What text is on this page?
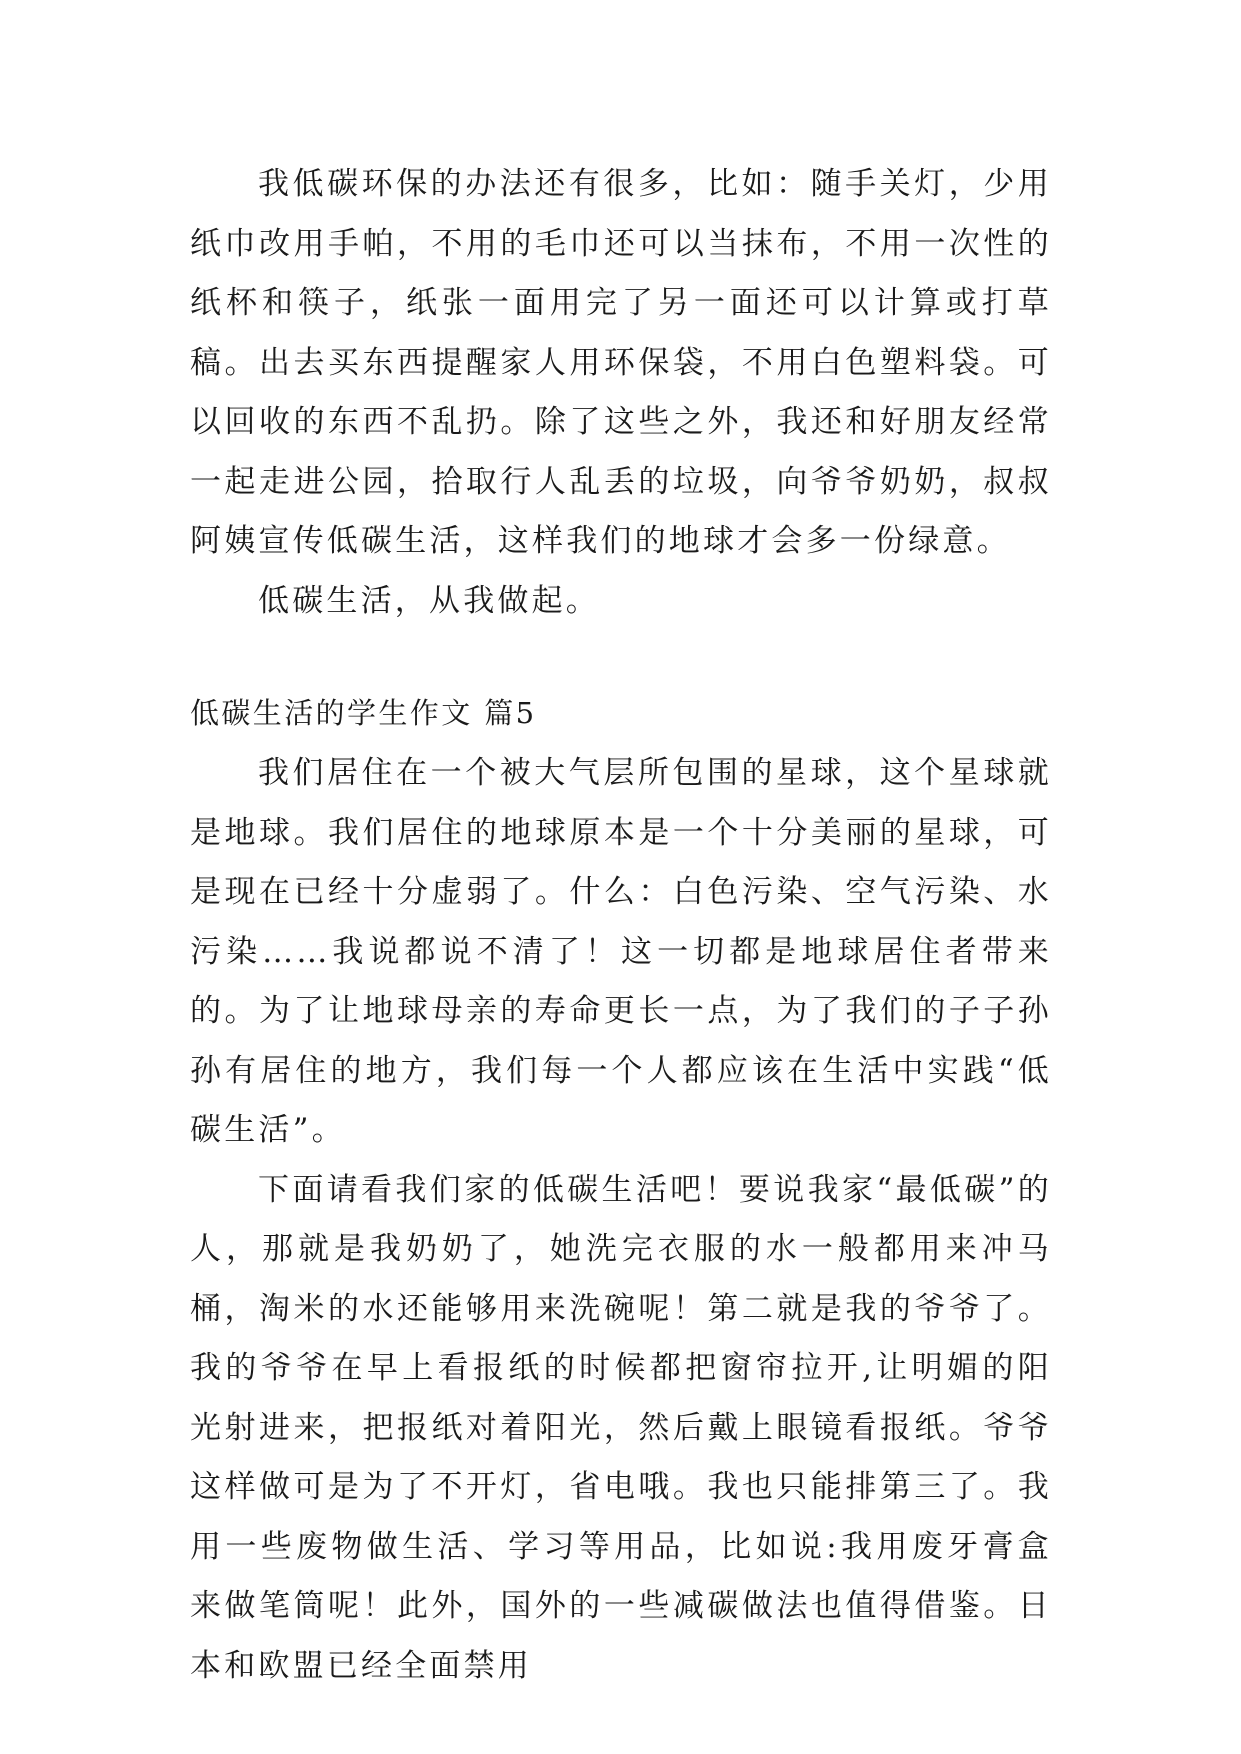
我低碳环保的办法还有很多，比如：随手关灯，少用纸巾改用手帕，不用的毛巾还可以当抹布，不用一次性的纸杯和筷子，纸张一面用完了另一面还可以计算或打草稿。出去买东西提醒家人用环保袋，不用白色塑料袋。可以回收的东西不乱扔。除了这些之外，我还和好朋友经常一起走进公园，拾取行人乱丢的垃圾，向爷爷奶奶，叔叔阿姨宣传低碳生活，这样我们的地球才会多一份绿意。

低碳生活，从我做起。

低碳生活的学生作文 篇5

我们居住在一个被大气层所包围的星球，这个星球就是地球。我们居住的地球原本是一个十分美丽的星球，可是现在已经十分虚弱了。什么：白色污染、空气污染、水污染……我说都说不清了！这一切都是地球居住者带来的。为了让地球母亲的寿命更长一点，为了我们的子子孙孙有居住的地方，我们每一个人都应该在生活中实践“低碳生活”。

下面请看我们家的低碳生活吧！要说我家“最低碳”的人，那就是我奶奶了，她洗完衣服的水一般都用来冲马桶，淘米的水还能够用来洗碗呢！第二就是我的爷爷了。我的爷爷在早上看报纸的时候都把窗帘拉开,让明媚的阳光射进来，把报纸对着阳光，然后戴上眼镜看报纸。爷爷这样做可是为了不开灯，省电哦。我也只能排第三了。我用一些废物做生活、学习等用品，比如说:我用废牙膏盒来做笔筒呢！此外，国外的一些减碳做法也值得借鉴。日本和欧盟已经全面禁用
